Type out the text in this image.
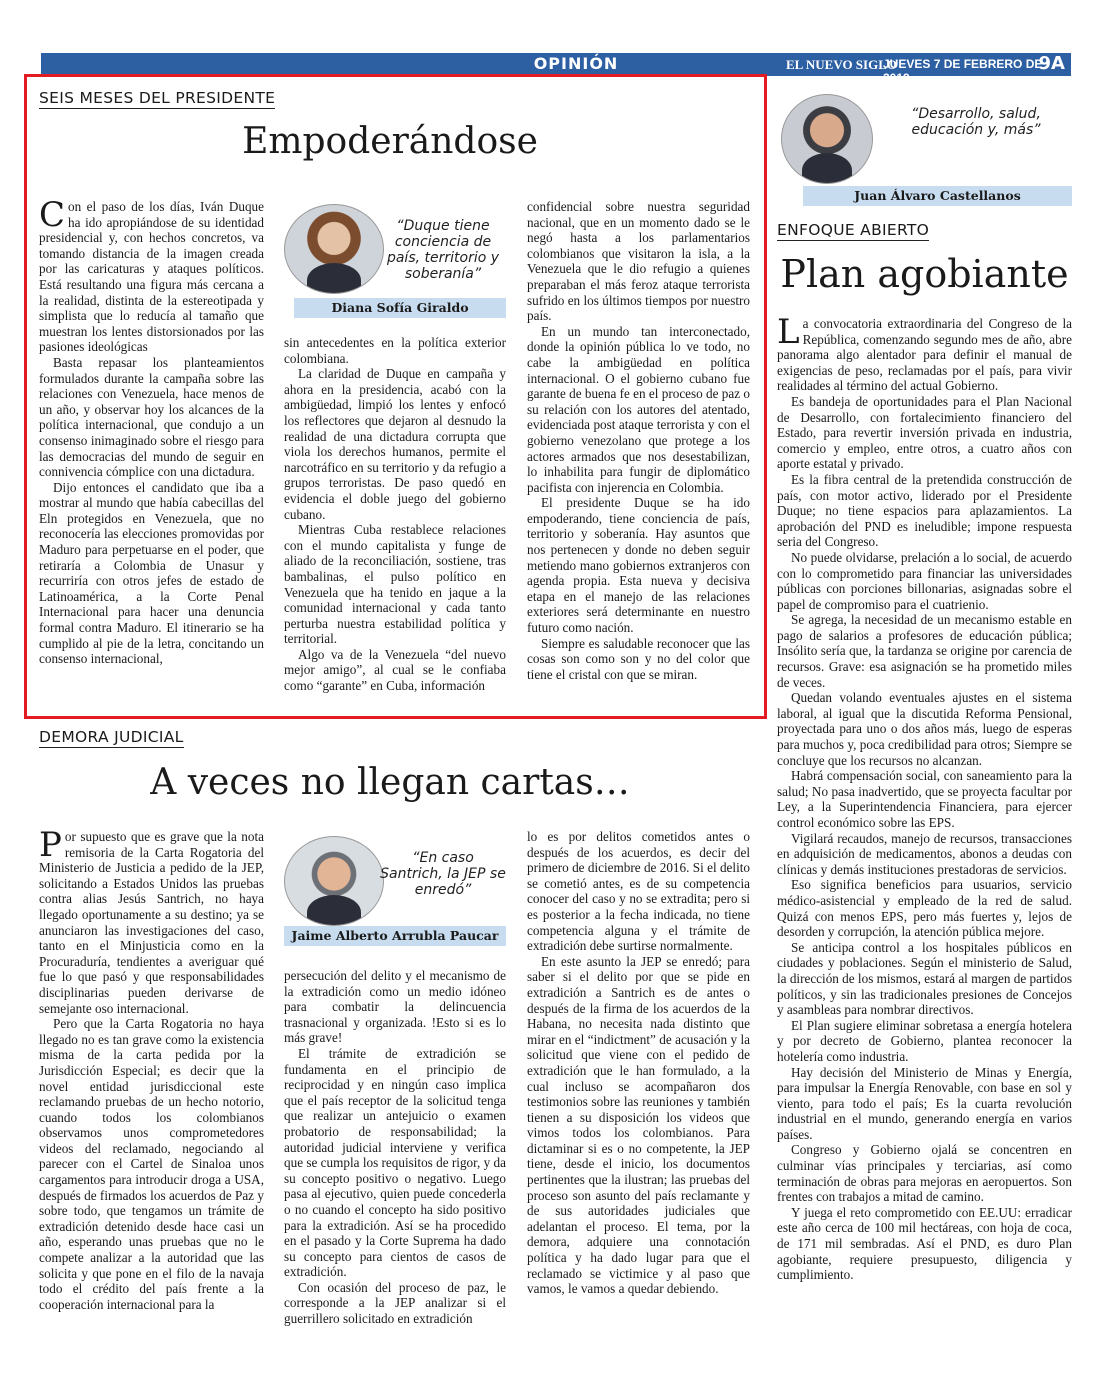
OPINIÓN	EL NUEVO SIGLO
JUEVES 7 DE FEBRERO DE 2019
9A
SEIS MESES DEL PRESIDENTE
Empoderándose

Con el paso de los días, Iván Duque ha ido apropiándose de su identidad presidencial y, con hechos concretos, va tomando distancia de la imagen creada por las caricaturas y ataques políticos. Está resultando una figura más cercana a la realidad, distinta de la estereotipada y simplista que lo reducía al tamaño que muestran los lentes distorsionados por las pasiones ideológicas

Basta repasar los planteamientos formulados durante la campaña sobre las relaciones con Venezuela, hace menos de un año, y observar hoy los alcances de la política internacional, que condujo a un consenso inimaginado sobre el riesgo para las democracias del mundo de seguir en connivencia cómplice con una dictadura.

Dijo entonces el candidato que iba a mostrar al mundo que había cabecillas del Eln protegidos en Venezuela, que no reconocería las elecciones promovidas por Maduro para perpetuarse en el poder, que retiraría a Colombia de Unasur y recurriría con otros jefes de estado de Latinoamérica, a la Corte Penal Internacional para hacer una denuncia formal contra Maduro. El itinerario se ha cumplido al pie de la letra, concitando un consenso internacional,

“Duque tiene conciencia de país, territorio y soberanía”
Diana Sofía Giraldo

sin antecedentes en la política exterior colombiana.

La claridad de Duque en campaña y ahora en la presidencia, acabó con la ambigüedad, limpió los lentes y enfocó los reflectores que dejaron al desnudo la realidad de una dictadura corrupta que viola los derechos humanos, permite el narcotráfico en su territorio y da refugio a grupos terroristas. De paso quedó en evidencia el doble juego del gobierno cubano.

Mientras Cuba restablece relaciones con el mundo capitalista y funge de aliado de la reconciliación, sostiene, tras bambalinas, el pulso político en Venezuela que ha tenido en jaque a la comunidad internacional y cada tanto perturba nuestra estabilidad política y territorial.

Algo va de la Venezuela “del nuevo mejor amigo”, al cual se le confiaba como “garante” en Cuba, información

confidencial sobre nuestra seguridad nacional, que en un momento dado se le negó hasta a los parlamentarios colombianos que visitaron la isla, a la Venezuela que le dio refugio a quienes preparaban el más feroz ataque terrorista sufrido en los últimos tiempos por nuestro país.

En un mundo tan interconectado, donde la opinión pública lo ve todo, no cabe la ambigüedad en política internacional. O el gobierno cubano fue garante de buena fe en el proceso de paz o su relación con los autores del atentado, evidenciada post ataque terrorista y con el gobierno venezolano que protege a los actores armados que nos desestabilizan, lo inhabilita para fungir de diplomático pacifista con injerencia en Colombia.

El presidente Duque se ha ido empoderando, tiene conciencia de país, territorio y soberanía. Hay asuntos que nos pertenecen y donde no deben seguir metiendo mano gobiernos extranjeros con agenda propia. Esta nueva y decisiva etapa en el manejo de las relaciones exteriores será determinante en nuestro futuro como nación.

Siempre es saludable reconocer que las cosas son como son y no del color que tiene el cristal con que se miran.

DEMORA JUDICIAL
A veces no llegan cartas…

Por supuesto que es grave que la nota remisoria de la Carta Rogatoria del Ministerio de Justicia a pedido de la JEP, solicitando a Estados Unidos las pruebas contra alias Jesús Santrich, no haya llegado oportunamente a su destino; ya se anunciaron las investigaciones del caso, tanto en el Minjusticia como en la Procuraduría, tendientes a averiguar qué fue lo que pasó y que responsabilidades disciplinarias pueden derivarse de semejante oso internacional.

Pero que la Carta Rogatoria no haya llegado no es tan grave como la existencia misma de la carta pedida por la Jurisdicción Especial; es decir que la novel entidad jurisdiccional este reclamando pruebas de un hecho notorio, cuando todos los colombianos observamos unos comprometedores videos del reclamado, negociando al parecer con el Cartel de Sinaloa unos cargamentos para introducir droga a USA, después de firmados los acuerdos de Paz y sobre todo, que tengamos un trámite de extradición detenido desde hace casi un año, esperando unas pruebas que no le compete analizar a la autoridad que las solicita y que pone en el filo de la navaja todo el crédito del país frente a la cooperación internacional para la

“En caso Santrich, la JEP se enredó”
Jaime Alberto Arrubla Paucar

persecución del delito y el mecanismo de la extradición como un medio idóneo para combatir la delincuencia trasnacional y organizada. !Esto si es lo más grave!

El trámite de extradición se fundamenta en el principio de reciprocidad y en ningún caso implica que el país receptor de la solicitud tenga que realizar un antejuicio o examen probatorio de responsabilidad; la autoridad judicial interviene y verifica que se cumpla los requisitos de rigor, y da su concepto positivo o negativo. Luego pasa al ejecutivo, quien puede concederla o no cuando el concepto ha sido positivo para la extradición. Así se ha procedido en el pasado y la Corte Suprema ha dado su concepto para cientos de casos de extradición.

Con ocasión del proceso de paz, le corresponde a la JEP analizar si el guerrillero solicitado en extradición

lo es por delitos cometidos antes o después de los acuerdos, es decir del primero de diciembre de 2016. Si el delito se cometió antes, es de su competencia conocer del caso y no se extradita; pero si es posterior a la fecha indicada, no tiene competencia alguna y el trámite de extradición debe surtirse normalmente.

En este asunto la JEP se enredó; para saber si el delito por que se pide en extradición a Santrich es de antes o después de la firma de los acuerdos de la Habana, no necesita nada distinto que mirar en el “indictment” de acusación y la solicitud que viene con el pedido de extradición que le han formulado, a la cual incluso se acompañaron dos testimonios sobre las reuniones y también tienen a su disposición los videos que vimos todos los colombianos. Para dictaminar si es o no competente, la JEP tiene, desde el inicio, los documentos pertinentes que la ilustran; las pruebas del proceso son asunto del país reclamante y de sus autoridades judiciales que adelantan el proceso. El tema, por la demora, adquiere una connotación política y ha dado lugar para que el reclamado se victimice y al paso que vamos, le vamos a quedar debiendo.

“Desarrollo, salud, educación y, más”
Juan Álvaro Castellanos
ENFOQUE ABIERTO
Plan agobiante

La convocatoria extraordinaria del Congreso de la República, comenzando segundo mes de año, abre panorama algo alentador para definir el manual de exigencias de peso, reclamadas por el país, para vivir realidades al término del actual Gobierno.

Es bandeja de oportunidades para el Plan Nacional de Desarrollo, con fortalecimiento financiero del Estado, para revertir inversión privada en industria, comercio y empleo, entre otros, a cuatro años con aporte estatal y privado.

Es la fibra central de la pretendida construcción de país, con motor activo, liderado por el Presidente Duque; no tiene espacios para aplazamientos. La aprobación del PND es ineludible; impone respuesta seria del Congreso.

No puede olvidarse, prelación a lo social, de acuerdo con lo comprometido para financiar las universidades públicas con porciones billonarias, asignadas sobre el papel de compromiso para el cuatrienio.

Se agrega, la necesidad de un mecanismo estable en pago de salarios a profesores de educación pública; Insólito sería que, la tardanza se origine por carencia de recursos. Grave: esa asignación se ha prometido miles de veces.

Quedan volando eventuales ajustes en el sistema laboral, al igual que la discutida Reforma Pensional, proyectada para uno o dos años más, luego de esperas para muchos y, poca credibilidad para otros; Siempre se concluye que los recursos no alcanzan.

Habrá compensación social, con saneamiento para la salud; No pasa inadvertido, que se proyecta facultar por Ley, a la Superintendencia Financiera, para ejercer control económico sobre las EPS.

Vigilará recaudos, manejo de recursos, transacciones en adquisición de medicamentos, abonos a deudas con clínicas y demás instituciones prestadoras de servicios.

Eso significa beneficios para usuarios, servicio médico-asistencial y empleado de la red de salud. Quizá con menos EPS, pero más fuertes y, lejos de desorden y corrupción, la atención pública mejore.

Se anticipa control a los hospitales públicos en ciudades y poblaciones. Según el ministerio de Salud, la dirección de los mismos, estará al margen de partidos políticos, y sin las tradicionales presiones de Concejos y asambleas para nombrar directivos.

El Plan sugiere eliminar sobretasa a energía hotelera y por decreto de Gobierno, plantea reconocer la hotelería como industria.

Hay decisión del Ministerio de Minas y Energía, para impulsar la Energía Renovable, con base en sol y viento, para todo el país; Es la cuarta revolución industrial en el mundo, generando energía en varios países.

Congreso y Gobierno ojalá se concentren en culminar vías principales y terciarias, así como terminación de obras para mejoras en aeropuertos. Son frentes con trabajos a mitad de camino.

Y juega el reto comprometido con EE.UU: erradicar este año cerca de 100 mil hectáreas, con hoja de coca, de 171 mil sembradas. Así el PND, es duro Plan agobiante, requiere presupuesto, diligencia y cumplimiento.
